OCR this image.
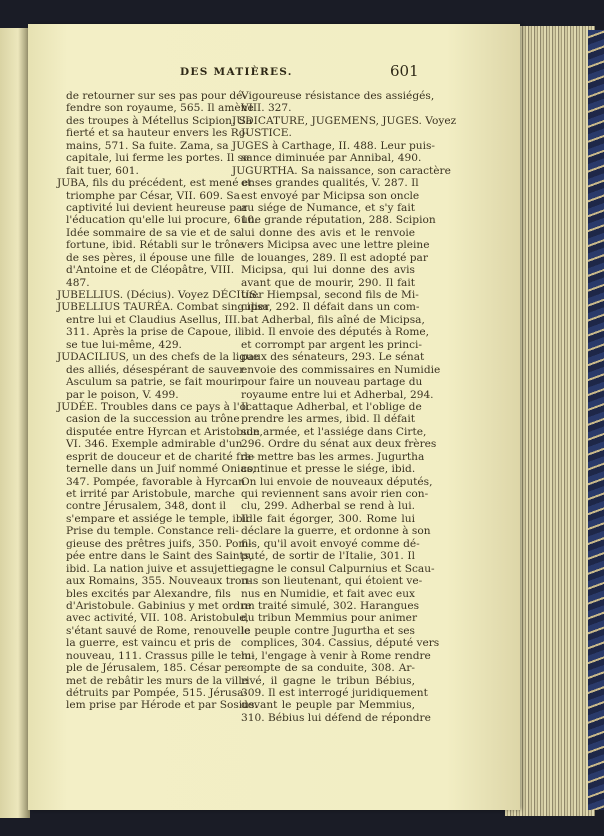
DES MATIÈRES.	601
de retourner sur ses pas pour dé-
fendre son royaume, 565. Il amène
des troupes à Métellus Scipion. Sa
fierté et sa hauteur envers les Ro-
mains, 571. Sa fuite. Zama, sa
capitale, lui ferme les portes. Il se
fait tuer, 601.
JUBA, fils du précédent, est mené en
triomphe par César, VII. 609. Sa
captivité lui devient heureuse par
l'éducation qu'elle lui procure, 610.
Idée sommaire de sa vie et de sa
fortune, ibid. Rétabli sur le trône
de ses pères, il épouse une fille
d'Antoine et de Cléopâtre, VIII.
487.
JUBELLIUS. (Décius). Voyez DÉCIUS.
JUBELLIUS TAURÉA. Combat singulier
entre lui et Claudius Asellus, III.
311. Après la prise de Capoue, il
se tue lui-même, 429.
JUDACILIUS, un des chefs de la ligue
des alliés, désespérant de sauver
Asculum sa patrie, se fait mourir
par le poison, V. 499.
JUDÉE. Troubles dans ce pays à l'oc-
casion de la succession au trône
disputée entre Hyrcan et Aristobule,
VI. 346. Exemple admirable d'un
esprit de douceur et de charité fra-
ternelle dans un Juif nommé Onias,
347. Pompée, favorable à Hyrcan
et irrité par Aristobule, marche
contre Jérusalem, 348, dont il
s'empare et assiége le temple, ibid.
Prise du temple. Constance reli-
gieuse des prêtres juifs, 350. Pom-
pée entre dans le Saint des Saints,
ibid. La nation juive et assujettie
aux Romains, 355. Nouveaux trou-
bles excités par Alexandre, fils
d'Aristobule. Gabinius y met ordre
avec activité, VII. 108. Aristobule,
s'étant sauvé de Rome, renouvelle
la guerre, est vaincu et pris de
nouveau, 111. Crassus pille le tem-
ple de Jérusalem, 185. César per-
met de rebâtir les murs de la ville
détruits par Pompée, 515. Jérusa-
lem prise par Hérode et par Sosius.
Vigoureuse résistance des assiégés,
VIII. 327.
JUDICATURE, JUGEMENS, JUGES. Voyez
JUSTICE.
JUGES à Carthage, II. 488. Leur puis-
sance diminuée par Annibal, 490.
JUGURTHA. Sa naissance, son caractère
et ses grandes qualités, V. 287. Il
est envoyé par Micipsa son oncle
au siége de Numance, et s'y fait
une grande réputation, 288. Scipion
lui donne des avis et le renvoie
vers Micipsa avec une lettre pleine
de louanges, 289. Il est adopté par
Micipsa, qui lui donne des avis
avant que de mourir, 290. Il fait
tuer Hiempsal, second fils de Mi-
cipsa, 292. Il défait dans un com-
bat Adherbal, fils aîné de Micipsa,
ibid. Il envoie des députés à Rome,
et corrompt par argent les princi-
paux des sénateurs, 293. Le sénat
envoie des commissaires en Numidie
pour faire un nouveau partage du
royaume entre lui et Adherbal, 294.
Il attaque Adherbal, et l'oblige de
prendre les armes, ibid. Il défait
son armée, et l'assiége dans Cirte,
296. Ordre du sénat aux deux frères
de mettre bas les armes. Jugurtha
continue et presse le siége, ibid.
On lui envoie de nouveaux députés,
qui reviennent sans avoir rien con-
clu, 299. Adherbal se rend à lui.
Il le fait égorger, 300. Rome lui
déclare la guerre, et ordonne à son
fils, qu'il avoit envoyé comme dé-
puté, de sortir de l'Italie, 301. Il
gagne le consul Calpurnius et Scau-
rus son lieutenant, qui étoient ve-
nus en Numidie, et fait avec eux
un traité simulé, 302. Harangues
du tribun Memmius pour animer
le peuple contre Jugurtha et ses
complices, 304. Cassius, député vers
lui, l'engage à venir à Rome rendre
compte de sa conduite, 308. Ar-
rivé, il gagne le tribun Bébius,
309. Il est interrogé juridiquement
devant le peuple par Memmius,
310. Bébius lui défend de répondre
